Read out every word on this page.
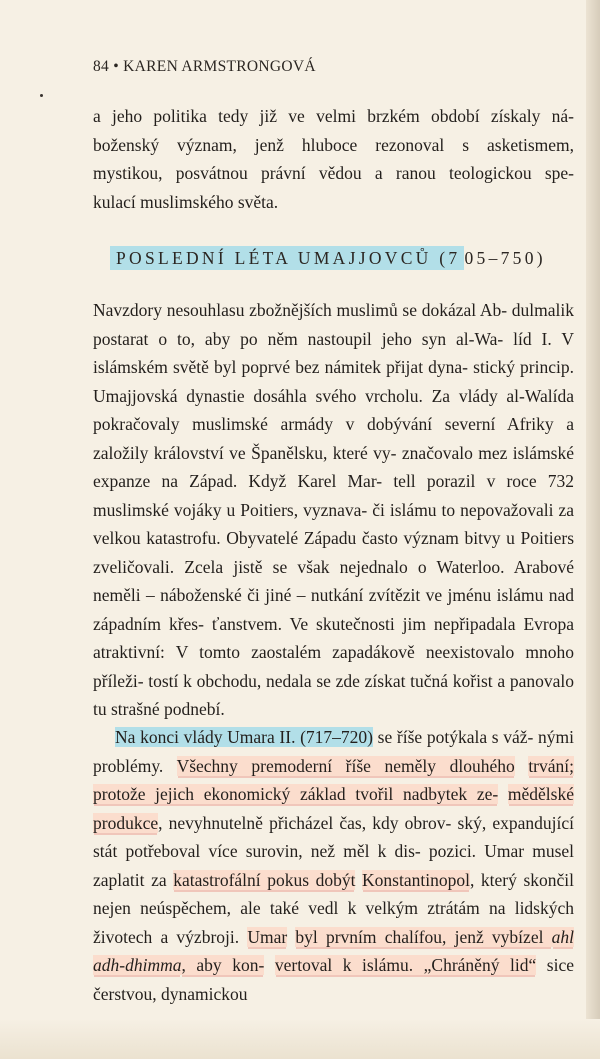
84 • KAREN ARMSTRONGOVÁ
a jeho politika tedy již ve velmi brzkém období získaly ná-
boženský význam, jenž hluboce rezonoval s asketismem,
mystikou, posvátnou právní vědou a ranou teologickou spe-
kulací muslimského světa.
POSLEDNÍ LÉTA UMAJJOVCŮ (7 05–750)

Navzdory nesouhlasu zbožnějších muslimů se dokázal Ab- dulmalik postarat o to, aby po něm nastoupil jeho syn al-Wa- líd I. V islámském světě byl poprvé bez námitek přijat dyna- stický princip. Umajjovská dynastie dosáhla svého vrcholu. Za vlády al-Walída pokračovaly muslimské armády v dobývání severní Afriky a založily království ve Španělsku, které vy- značovalo mez islámské expanze na Západ. Když Karel Mar- tell porazil v roce 732 muslimské vojáky u Poitiers, vyznava- či islámu to nepovažovali za velkou katastrofu. Obyvatelé Západu často význam bitvy u Poitiers zveličovali. Zcela jistě se však nejednalo o Waterloo. Arabové neměli – náboženské či jiné – nutkání zvítězit ve jménu islámu nad západním křes- ťanstvem. Ve skutečnosti jim nepřipadala Evropa atraktivní: V tomto zaostalém zapadákově neexistovalo mnoho příleži- tostí k obchodu, nedala se zde získat tučná kořist a panovalo tu strašné podnebí.

Na konci vlády Umara II. (717–720) se říše potýkala s váž- nými problémy. Všechny premoderní říše neměly dlouhého trvání; protože jejich ekonomický základ tvořil nadbytek ze- mědělské produkce, nevyhnutelně přicházel čas, kdy obrov- ský, expandující stát potřeboval více surovin, než měl k dis- pozici. Umar musel zaplatit za katastrofální pokus dobýt Konstantinopol, který skončil nejen neúspěchem, ale také vedl k velkým ztrátám na lidských životech a výzbroji. Umar byl prvním chalífou, jenž vybízel ahl adh-dhimma, aby kon- vertoval k islámu. „Chráněný lid“ sice čerstvou, dynamickou
